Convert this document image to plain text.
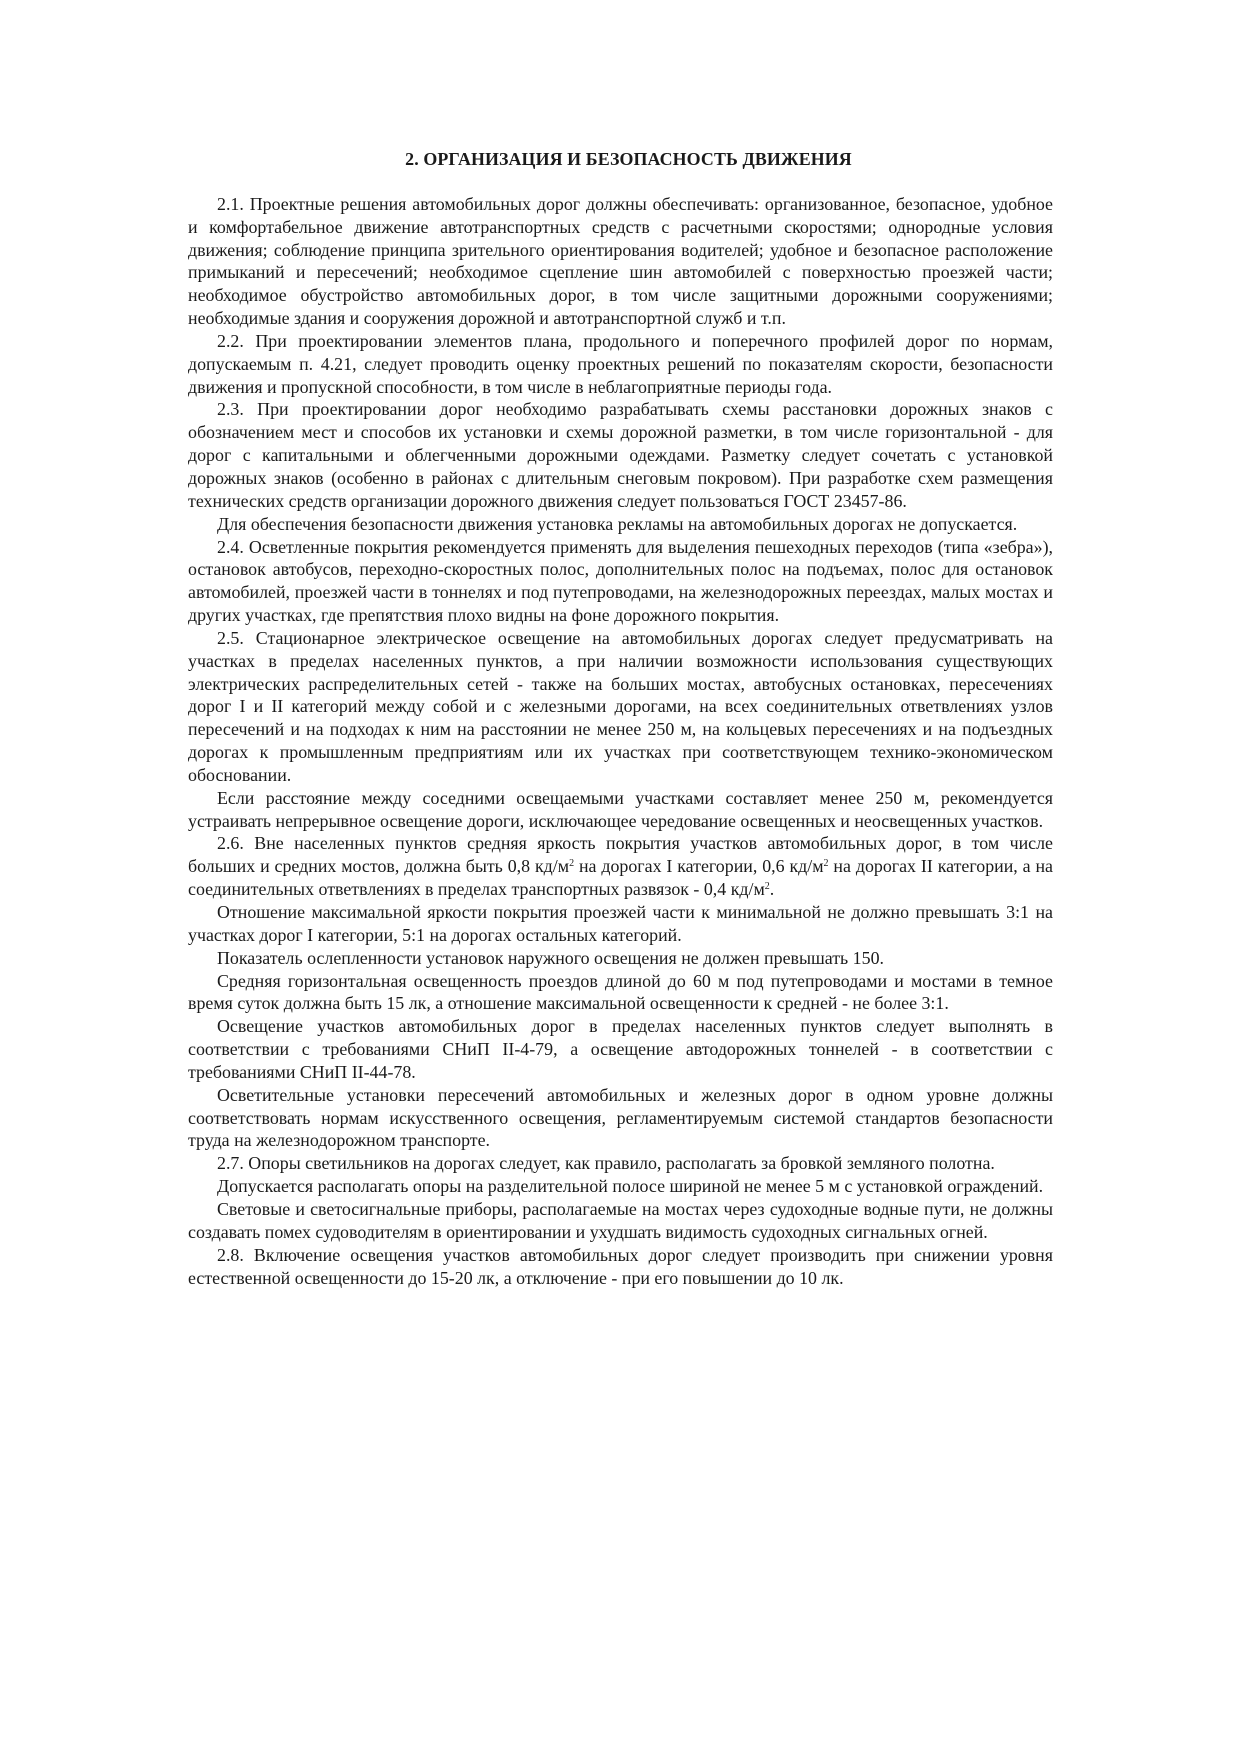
2. ОРГАНИЗАЦИЯ И БЕЗОПАСНОСТЬ ДВИЖЕНИЯ

2.1. Проектные решения автомобильных дорог должны обеспечивать: организованное, безопасное, удобное и комфортабельное движение автотранспортных средств с расчетными скоростями; однородные условия движения; соблюдение принципа зрительного ориентирования водителей; удобное и безопасное расположение примыканий и пересечений; необходимое сцепление шин автомобилей с поверхностью проезжей части; необходимое обустройство автомобильных дорог, в том числе защитными дорожными сооружениями; необходимые здания и сооружения дорожной и автотранспортной служб и т.п.

2.2. При проектировании элементов плана, продольного и поперечного профилей дорог по нормам, допускаемым п. 4.21, следует проводить оценку проектных решений по показателям скорости, безопасности движения и пропускной способности, в том числе в неблагоприятные периоды года.

2.3. При проектировании дорог необходимо разрабатывать схемы расстановки дорожных знаков с обозначением мест и способов их установки и схемы дорожной разметки, в том числе горизонтальной - для дорог с капитальными и облегченными дорожными одеждами. Разметку следует сочетать с установкой дорожных знаков (особенно в районах с длительным снеговым покровом). При разработке схем размещения технических средств организации дорожного движения следует пользоваться ГОСТ 23457-86.

Для обеспечения безопасности движения установка рекламы на автомобильных дорогах не допускается.

2.4. Осветленные покрытия рекомендуется применять для выделения пешеходных переходов (типа «зебра»), остановок автобусов, переходно-скоростных полос, дополнительных полос на подъемах, полос для остановок автомобилей, проезжей части в тоннелях и под путепроводами, на железнодорожных переездах, малых мостах и других участках, где препятствия плохо видны на фоне дорожного покрытия.

2.5. Стационарное электрическое освещение на автомобильных дорогах следует предусматривать на участках в пределах населенных пунктов, а при наличии возможности использования существующих электрических распределительных сетей - также на больших мостах, автобусных остановках, пересечениях дорог I и II категорий между собой и с железными дорогами, на всех соединительных ответвлениях узлов пересечений и на подходах к ним на расстоянии не менее 250 м, на кольцевых пересечениях и на подъездных дорогах к промышленным предприятиям или их участках при соответствующем технико-экономическом обосновании.

Если расстояние между соседними освещаемыми участками составляет менее 250 м, рекомендуется устраивать непрерывное освещение дороги, исключающее чередование освещенных и неосвещенных участков.

2.6. Вне населенных пунктов средняя яркость покрытия участков автомобильных дорог, в том числе больших и средних мостов, должна быть 0,8 $кд/м^2$ на дорогах I категории, 0,6 $кд/м^2$ на дорогах II категории, а на соединительных ответвлениях в пределах транспортных развязок - 0,4 $кд/м^2$.

Отношение максимальной яркости покрытия проезжей части к минимальной не должно превышать 3:1 на участках дорог I категории, 5:1 на дорогах остальных категорий.

Показатель ослепленности установок наружного освещения не должен превышать 150.

Средняя горизонтальная освещенность проездов длиной до 60 м под путепроводами и мостами в темное время суток должна быть 15 лк, а отношение максимальной освещенности к средней - не более 3:1.

Освещение участков автомобильных дорог в пределах населенных пунктов следует выполнять в соответствии с требованиями СНиП II-4-79, а освещение автодорожных тоннелей - в соответствии с требованиями СНиП II-44-78.

Осветительные установки пересечений автомобильных и железных дорог в одном уровне должны соответствовать нормам искусственного освещения, регламентируемым системой стандартов безопасности труда на железнодорожном транспорте.

2.7. Опоры светильников на дорогах следует, как правило, располагать за бровкой земляного полотна.

Допускается располагать опоры на разделительной полосе шириной не менее 5 м с установкой ограждений.

Световые и светосигнальные приборы, располагаемые на мостах через судоходные водные пути, не должны создавать помех судоводителям в ориентировании и ухудшать видимость судоходных сигнальных огней.

2.8. Включение освещения участков автомобильных дорог следует производить при снижении уровня естественной освещенности до 15-20 лк, а отключение - при его повышении до 10 лк.
